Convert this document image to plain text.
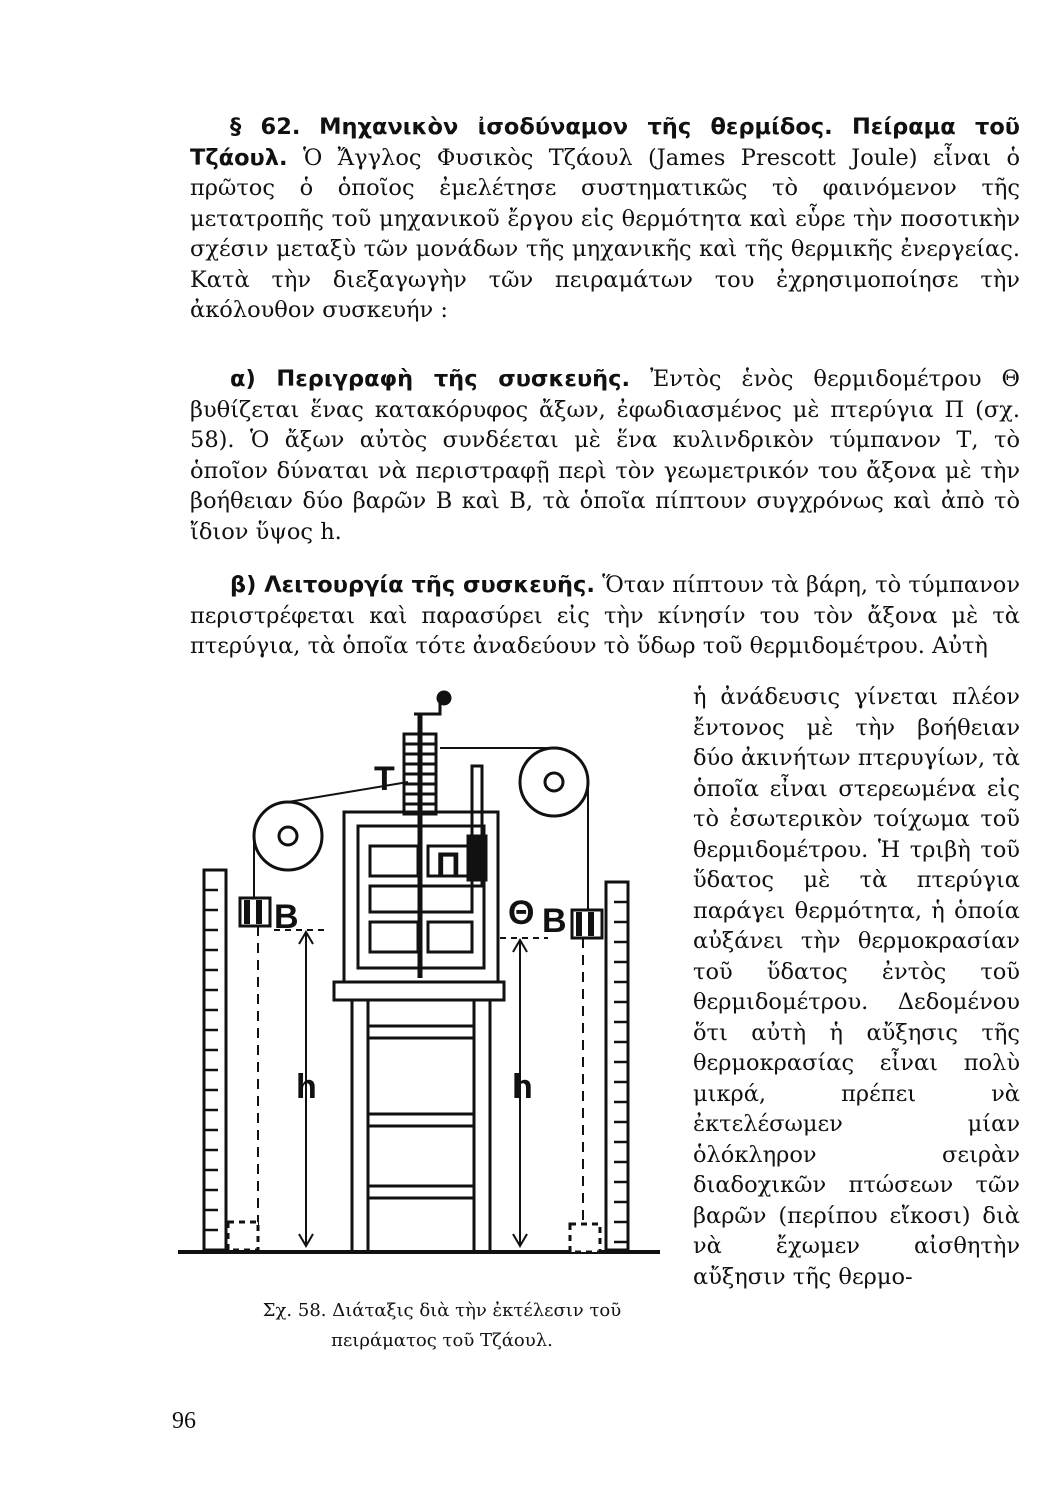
§ 62. Μηχανικὸν ἰσοδύναμον τῆς θερμίδος. Πείραμα τοῦ Τζάουλ. Ὁ Ἄγγλος Φυσικὸς Τζάουλ (James Prescott Joule) εἶναι ὁ πρῶτος ὁ ὁποῖος ἐμελέτησε συστηματικῶς τὸ φαινόμενον τῆς μετατροπῆς τοῦ μηχανικοῦ ἔργου εἰς θερμότητα καὶ εὗρε τὴν ποσοτικὴν σχέσιν μεταξὺ τῶν μονάδων τῆς μηχανικῆς καὶ τῆς θερμικῆς ἐνεργείας. Κατὰ τὴν διεξαγωγὴν τῶν πειραμάτων του ἐχρησιμοποίησε τὴν ἀκόλουθον συσκευήν :

α) Περιγραφὴ τῆς συσκευῆς. Ἐντὸς ἑνὸς θερμιδομέτρου Θ βυθίζεται ἕνας κατακόρυφος ἄξων, ἐφωδιασμένος μὲ πτερύγια Π (σχ. 58). Ὁ ἄξων αὐτὸς συνδέεται μὲ ἕνα κυλινδρικὸν τύμπανον Τ, τὸ ὁποῖον δύναται νὰ περιστραφῇ περὶ τὸν γεωμετρικόν του ἄξονα μὲ τὴν βοήθειαν δύο βαρῶν Β καὶ Β, τὰ ὁποῖα πίπτουν συγχρόνως καὶ ἀπὸ τὸ ἴδιον ὕψος h.

β) Λειτουργία τῆς συσκευῆς. Ὅταν πίπτουν τὰ βάρη, τὸ τύμπανον περιστρέφεται καὶ παρασύρει εἰς τὴν κίνησίν του τὸν ἄξονα μὲ τὰ πτερύγια, τὰ ὁποῖα τότε ἀναδεύουν τὸ ὕδωρ τοῦ θερμιδομέτρου. Αὐτὴ

ἡ ἀνάδευσις γίνεται πλέον ἔντονος μὲ τὴν βοήθειαν δύο ἀκινήτων πτερυγίων, τὰ ὁποῖα εἶναι στερεωμένα εἰς τὸ ἐσωτερικὸν τοίχωμα τοῦ θερμιδομέτρου. Ἡ τριβὴ τοῦ ὕδατος μὲ τὰ πτερύγια παράγει θερμότητα, ἡ ὁποία αὐξάνει τὴν θερμοκρασίαν τοῦ ὕδατος ἐντὸς τοῦ θερμιδομέτρου. Δεδομένου ὅτι αὐτὴ ἡ αὔξησις τῆς θερμοκρασίας εἶναι πολὺ μικρά, πρέπει νὰ ἐκτελέσωμεν μίαν ὁλόκληρον σειρὰν διαδοχικῶν πτώσεων τῶν βαρῶν (περίπου εἴκοσι) διὰ νὰ ἔχωμεν αἰσθητὴν αὔξησιν τῆς θερμο-

T
Π
Θ
B	B
h	h
Σχ. 58. Διάταξις διὰ τὴν ἐκτέλεσιν τοῦ πειράματος τοῦ Τζάουλ.
96
